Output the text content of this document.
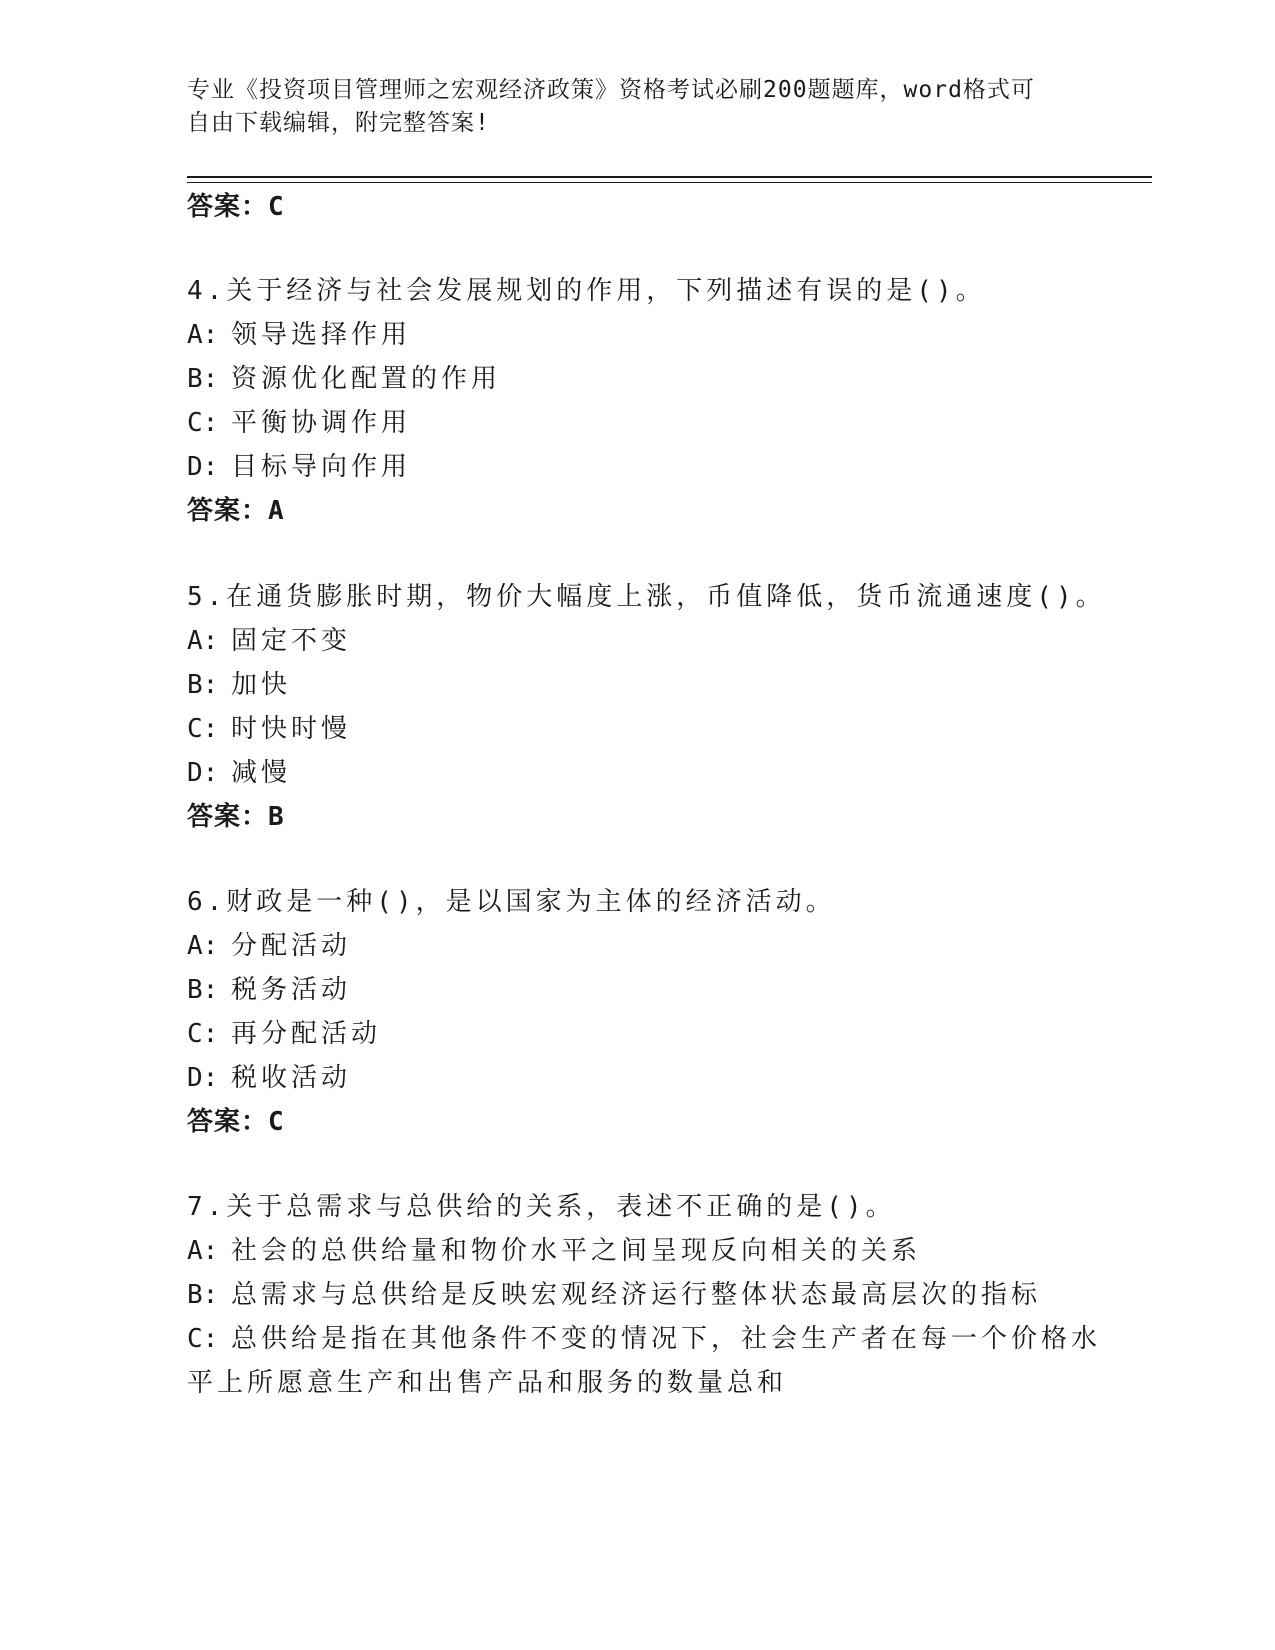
专业《投资项目管理师之宏观经济政策》资格考试必刷200题题库，word格式可
自由下载编辑，附完整答案!
答案：C
4.关于经济与社会发展规划的作用，下列描述有误的是()。
A: 领导选择作用
B: 资源优化配置的作用
C: 平衡协调作用
D: 目标导向作用
答案：A
5.在通货膨胀时期，物价大幅度上涨，币值降低，货币流通速度()。
A: 固定不变
B: 加快
C: 时快时慢
D: 减慢
答案：B
6.财政是一种()，是以国家为主体的经济活动。
A: 分配活动
B: 税务活动
C: 再分配活动
D: 税收活动
答案：C
7.关于总需求与总供给的关系，表述不正确的是()。
A: 社会的总供给量和物价水平之间呈现反向相关的关系
B: 总需求与总供给是反映宏观经济运行整体状态最高层次的指标
C: 总供给是指在其他条件不变的情况下，社会生产者在每一个价格水
平上所愿意生产和出售产品和服务的数量总和
